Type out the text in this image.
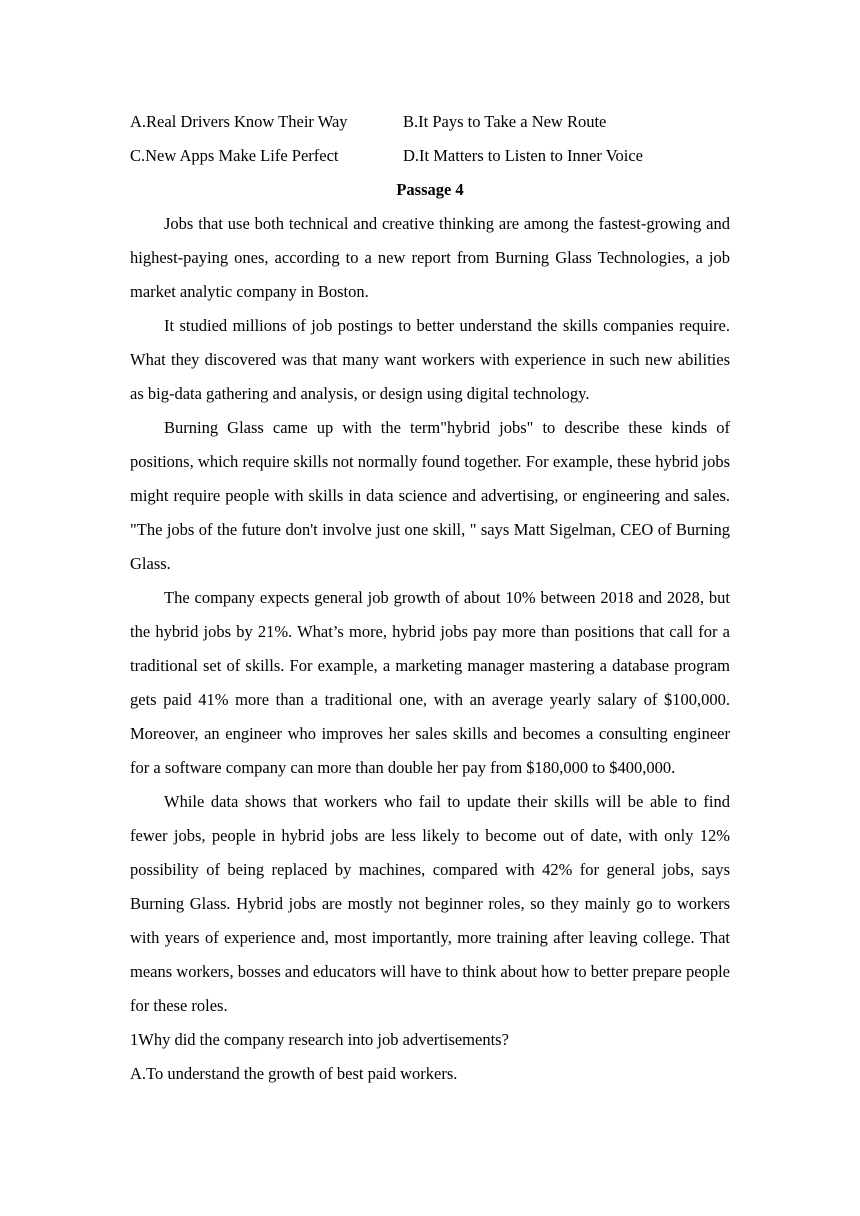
A.Real Drivers Know Their Way	B.It Pays to Take a New Route
C.New Apps Make Life Perfect	D.It Matters to Listen to Inner Voice
Passage 4

Jobs that use both technical and creative thinking are among the fastest-growing and highest-paying ones, according to a new report from Burning Glass Technologies, a job market analytic company in Boston.

It studied millions of job postings to better understand the skills companies require. What they discovered was that many want workers with experience in such new abilities as big-data gathering and analysis, or design using digital technology.

Burning Glass came up with the term"hybrid jobs" to describe these kinds of positions, which require skills not normally found together. For example, these hybrid jobs might require people with skills in data science and advertising, or engineering and sales. "The jobs of the future don't involve just one skill, " says Matt Sigelman, CEO of Burning Glass.

The company expects general job growth of about 10% between 2018 and 2028, but the hybrid jobs by 21%. What’s more, hybrid jobs pay more than positions that call for a traditional set of skills. For example, a marketing manager mastering a database program gets paid 41% more than a traditional one, with an average yearly salary of $100,000. Moreover, an engineer who improves her sales skills and becomes a consulting engineer for a software company can more than double her pay from $180,000 to $400,000.

While data shows that workers who fail to update their skills will be able to find fewer jobs, people in hybrid jobs are less likely to become out of date, with only 12% possibility of being replaced by machines, compared with 42% for general jobs, says Burning Glass. Hybrid jobs are mostly not beginner roles, so they mainly go to workers with years of experience and, most importantly, more training after leaving college. That means workers, bosses and educators will have to think about how to better prepare people for these roles.

1Why did the company research into job advertisements?

A.To understand the growth of best paid workers.
